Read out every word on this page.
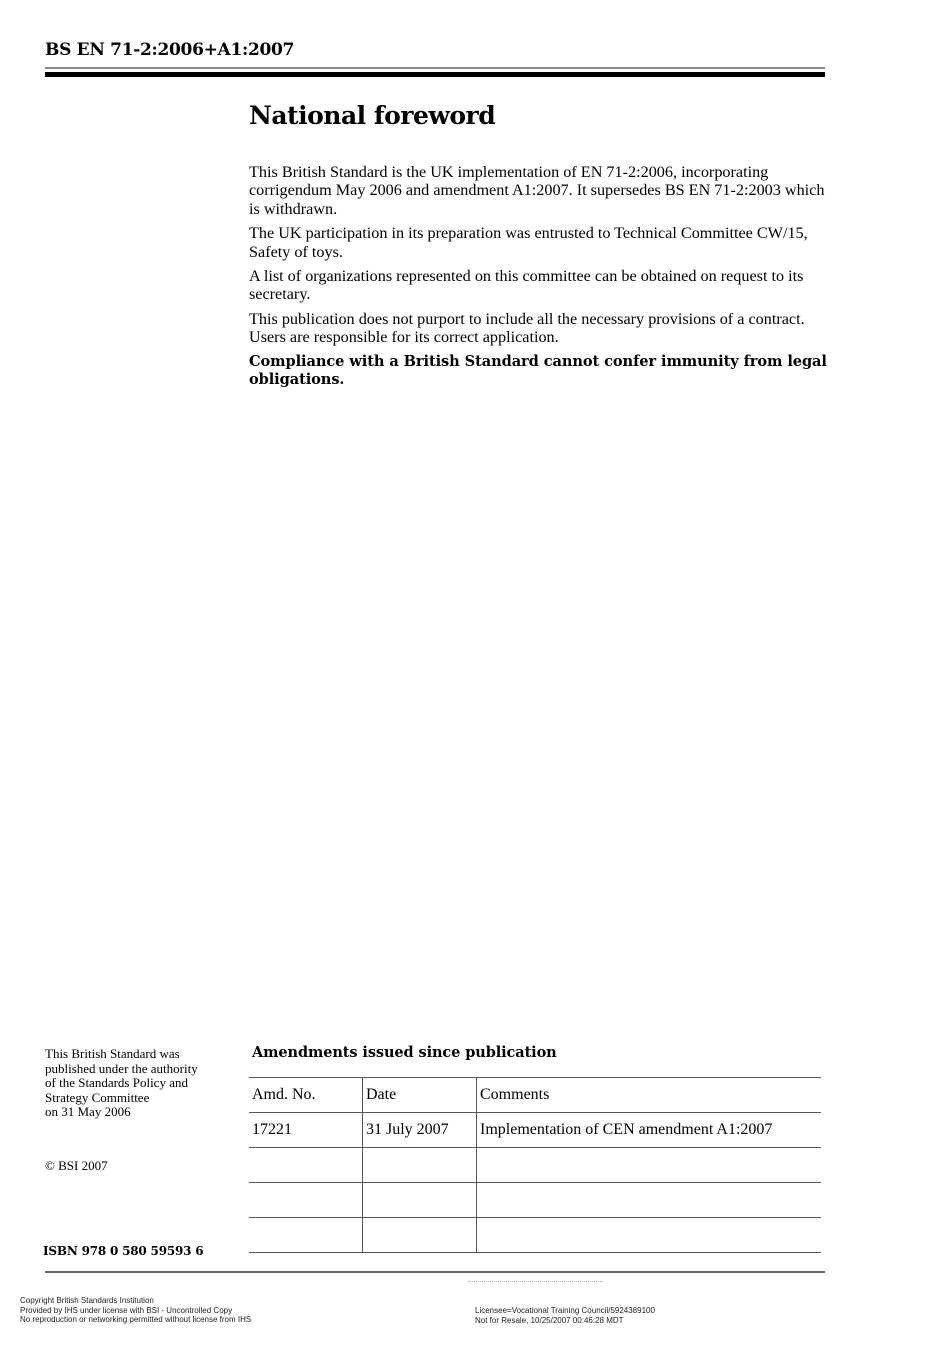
BS EN 71-2:2006+A1:2007
National foreword

This British Standard is the UK implementation of EN 71-2:2006, incorporating corrigendum May 2006 and amendment A1:2007. It supersedes BS EN 71-2:2003 which is withdrawn.

The UK participation in its preparation was entrusted to Technical Committee CW/15, Safety of toys.

A list of organizations represented on this committee can be obtained on request to its secretary.

This publication does not purport to include all the necessary provisions of a contract. Users are responsible for its correct application.

Compliance with a British Standard cannot confer immunity from legal obligations.

This British Standard was
published under the authority
of the Standards Policy and
Strategy Committee
on 31 May 2006
© BSI 2007
ISBN 978 0 580 59593 6
Amendments issued since publication
Amd. No.	Date	Comments
17221	31 July 2007	Implementation of CEN amendment A1:2007

Copyright British Standards Institution
Provided by IHS under license with BSI - Uncontrolled Copy
No reproduction or networking permitted without license from IHS
Licensee=Vocational Training Council/5924389100
Not for Resale, 10/25/2007 00:46:28 MDT
